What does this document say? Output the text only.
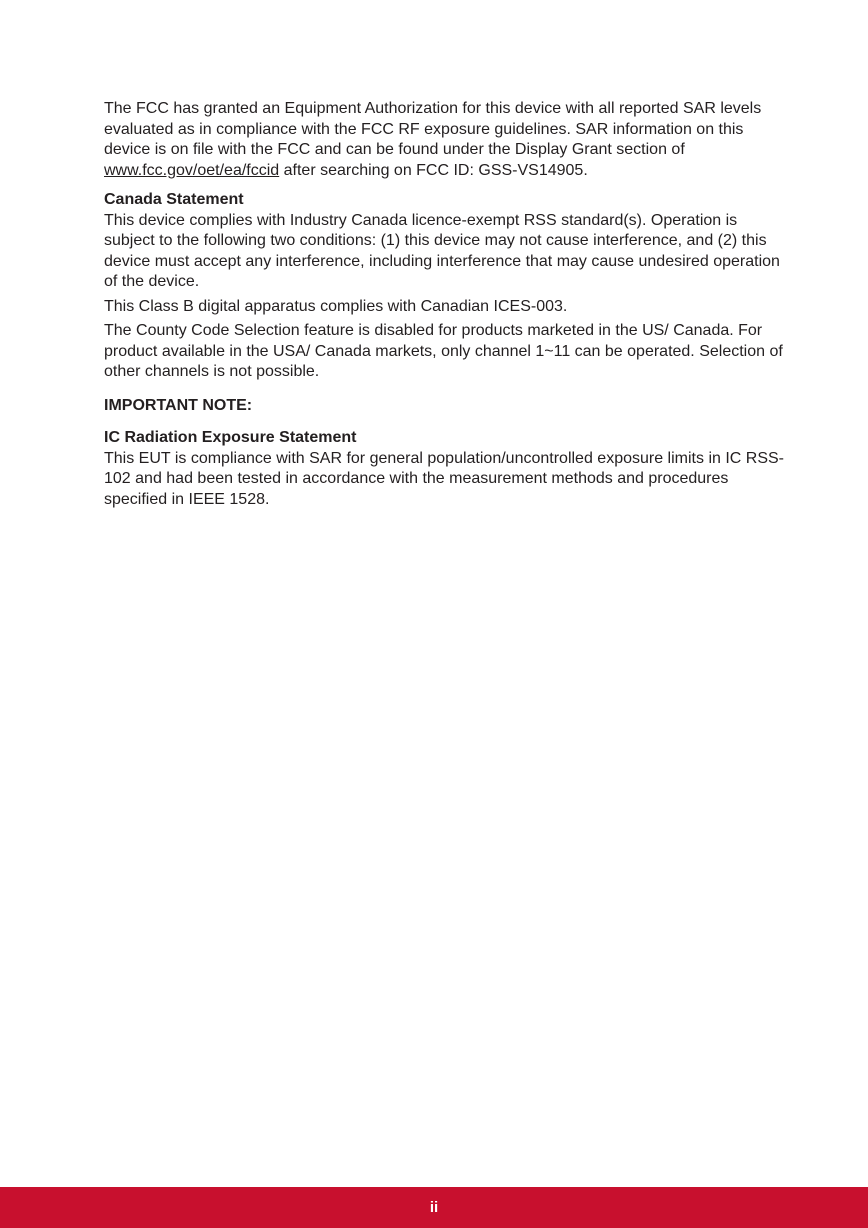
The FCC has granted an Equipment Authorization for this device with all reported SAR levels evaluated as in compliance with the FCC RF exposure guidelines. SAR information on this device is on file with the FCC and can be found under the Display Grant section of www.fcc.gov/oet/ea/fccid after searching on FCC ID: GSS-VS14905.

Canada Statement

This device complies with Industry Canada licence-exempt RSS standard(s). Operation is subject to the following two conditions: (1) this device may not cause interference, and (2) this device must accept any interference, including interference that may cause undesired operation of the device.

This Class B digital apparatus complies with Canadian ICES-003.

The County Code Selection feature is disabled for products marketed in the US/ Canada. For product available in the USA/ Canada markets, only channel 1~11 can be operated. Selection of other channels is not possible.

IMPORTANT NOTE:

IC Radiation Exposure Statement

This EUT is compliance with SAR for general population/uncontrolled exposure limits in IC RSS-102 and had been tested in accordance with the measurement methods and procedures specified in IEEE 1528.

ii
